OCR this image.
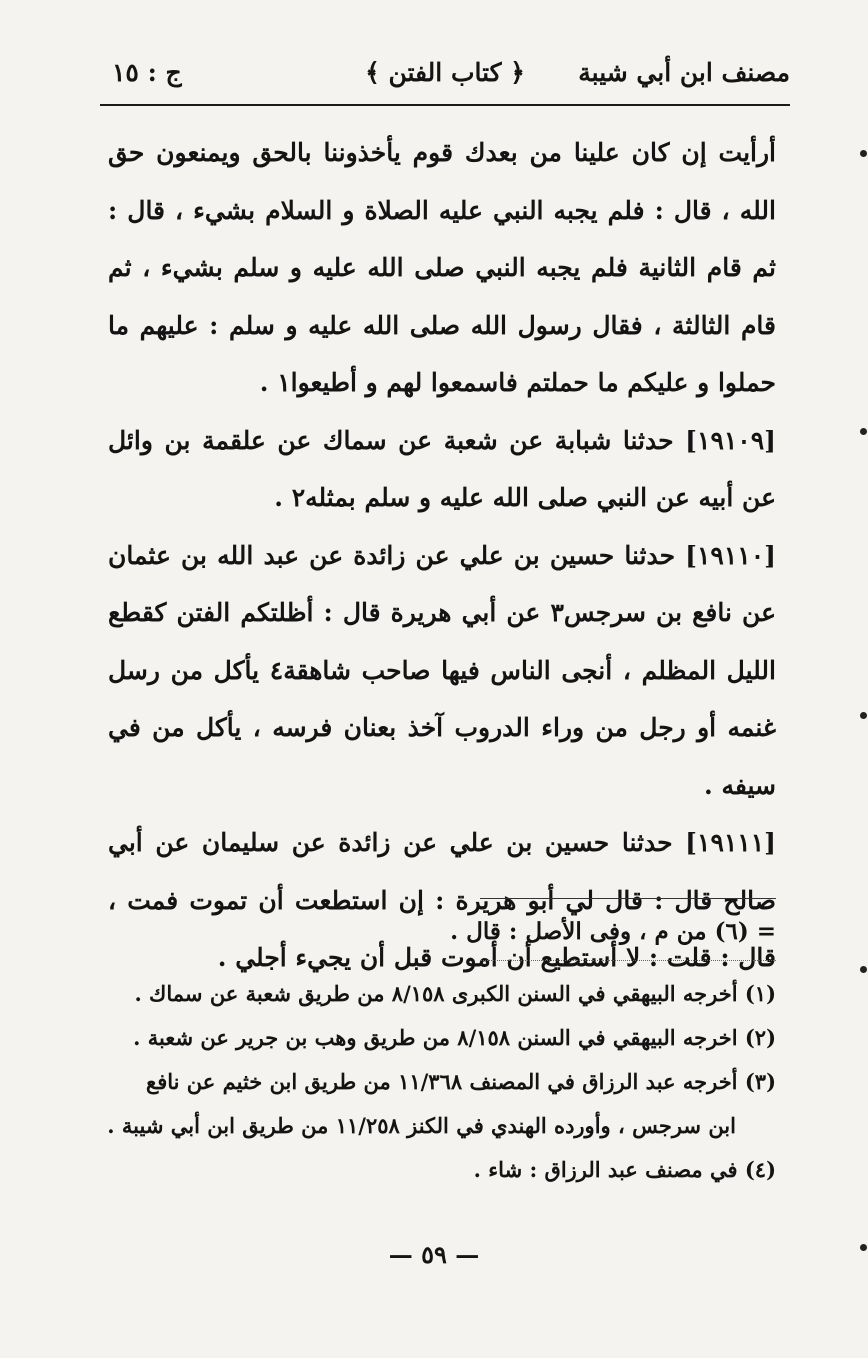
مصنف ابن أبي شيبة
﴿ كتاب الفتن ﴾
ج : ١٥

أرأيت إن كان علينا من بعدك قوم يأخذوننا بالحق ويمنعون حق الله ، قال : فلم يجبه النبي عليه الصلاة و السلام بشيء ، قال : ثم قام الثانية فلم يجبه النبي صلى الله عليه و سلم بشيء ، ثم قام الثالثة ، فقال رسول الله صلى الله عليه و سلم : عليهم ما حملوا و عليكم ما حملتم فاسمعوا لهم و أطيعوا١ .

[١٩١٠٩] حدثنا شبابة عن شعبة عن سماك عن علقمة بن وائل عن أبيه عن النبي صلى الله عليه و سلم بمثله٢ .

[١٩١١٠] حدثنا حسين بن علي عن زائدة عن عبد الله بن عثمان عن نافع بن سرجس٣ عن أبي هريرة قال : أظلتكم الفتن كقطع الليل المظلم ، أنجى الناس فيها صاحب شاهقة٤ يأكل من رسل غنمه أو رجل من وراء الدروب آخذ بعنان فرسه ، يأكل من في سيفه .

[١٩١١١] حدثنا حسين بن علي عن زائدة عن سليمان عن أبي صالح قال : قال لي أبو هريرة : إن استطعت أن تموت فمت ، قال : قلت : لا أستطيع أن أموت قبل أن يجيء أجلي .

= (٦) من م ، وفى الأصل : قال .

(١) أخرجه البيهقي في السنن الكبرى ٨/١٥٨ من طريق شعبة عن سماك .

(٢) اخرجه البيهقي في السنن ٨/١٥٨ من طريق وهب بن جرير عن شعبة .

(٣) أخرجه عبد الرزاق في المصنف ١١/٣٦٨ من طريق ابن خثيم عن نافع

ابن سرجس ، وأورده الهندي في الكنز ١١/٢٥٨ من طريق ابن أبي شيبة .

(٤) في مصنف عبد الرزاق : شاء .

— ٥٩ —
